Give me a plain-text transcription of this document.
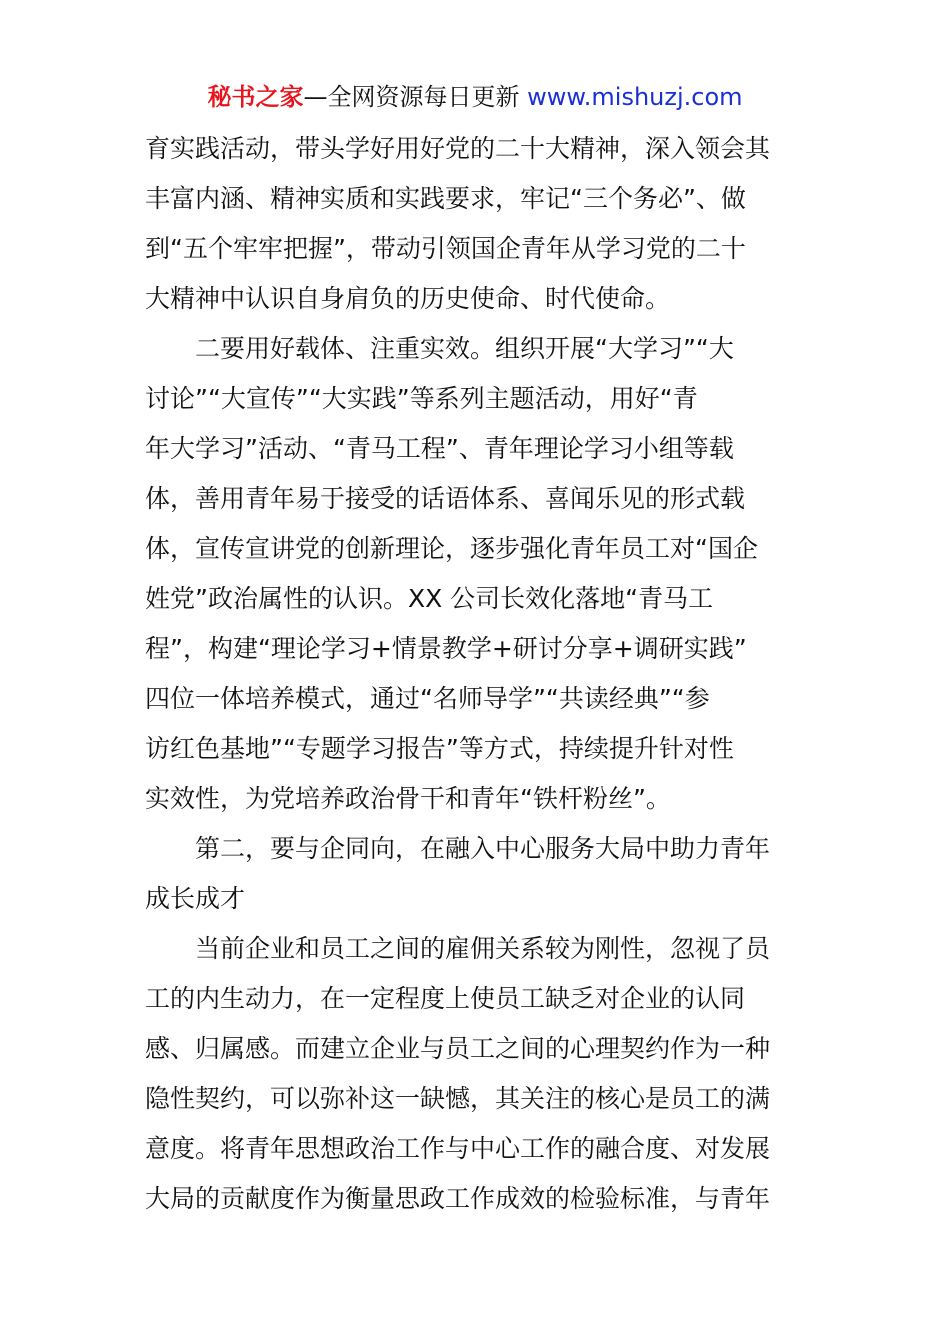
秘书之家—全网资源每日更新 www.mishuzj.com
育实践活动，带头学好用好党的二十大精神，深入领会其
丰富内涵、精神实质和实践要求，牢记“三个务必”、做
到“五个牢牢把握”，带动引领国企青年从学习党的二十
大精神中认识自身肩负的历史使命、时代使命。
　　二要用好载体、注重实效。组织开展“大学习”“大
讨论”“大宣传”“大实践”等系列主题活动，用好“青
年大学习”活动、“青马工程”、青年理论学习小组等载
体，善用青年易于接受的话语体系、喜闻乐见的形式载
体，宣传宣讲党的创新理论，逐步强化青年员工对“国企
姓党”政治属性的认识。XX 公司长效化落地“青马工
程”，构建“理论学习+情景教学+研讨分享+调研实践”
四位一体培养模式，通过“名师导学”“共读经典”“参
访红色基地”“专题学习报告”等方式，持续提升针对性
实效性，为党培养政治骨干和青年“铁杆粉丝”。
　　第二，要与企同向，在融入中心服务大局中助力青年
成长成才
　　当前企业和员工之间的雇佣关系较为刚性，忽视了员
工的内生动力，在一定程度上使员工缺乏对企业的认同
感、归属感。而建立企业与员工之间的心理契约作为一种
隐性契约，可以弥补这一缺憾，其关注的核心是员工的满
意度。将青年思想政治工作与中心工作的融合度、对发展
大局的贡献度作为衡量思政工作成效的检验标准，与青年
